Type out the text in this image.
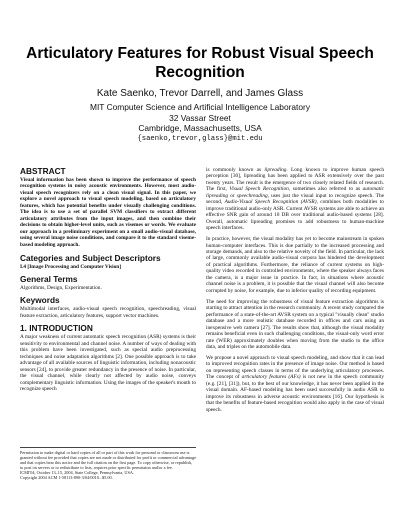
Articulatory Features for Robust Visual Speech
Recognition
Kate Saenko, Trevor Darrell, and James Glass
MIT Computer Science and Artificial Intelligence Laboratory
32 Vassar Street
Cambridge, Massachusetts, USA
{saenko,trevor,glass}@mit.edu
ABSTRACT

Visual information has been shown to improve the performance of speech recognition systems in noisy acoustic environments. However, most audio-visual speech recognizers rely on a clean visual signal. In this paper, we explore a novel approach to visual speech modeling, based on articulatory features, which has potential benefits under visually challenging conditions. The idea is to use a set of parallel SVM classifiers to extract different articulatory attributes from the input images, and then combine their decisions to obtain higher-level units, such as visemes or words. We evaluate our approach in a preliminary experiment on a small audio-visual database, using several image noise conditions, and compare it to the standard viseme-based modeling approach.

Categories and Subject Descriptors

I.4 [Image Processing and Computer Vision]

General Terms

Algorithms, Design, Experimentation.

Keywords

Multimodal interfaces, audio-visual speech recognition, speechreading, visual feature extraction, articulatory features, support vector machines.

1. INTRODUCTION

A major weakness of current automatic speech recognition (ASR) systems is their sensitivity to environmental and channel noise. A number of ways of dealing with this problem have been investigated, such as special audio preprocessing techniques and noise adaptation algorithms [2]. One possible approach is to take advantage of all available sources of linguistic information, including nonacoustic sensors [24], to provide greater redundancy in the presence of noise. In particular, the visual channel, while clearly not affected by audio noise, conveys complementary linguistic information. Using the images of the speaker's mouth to recognize speech

Permission to make digital or hard copies of all or part of this work for personal or classroom use is granted without fee provided that copies are not made or distributed for profit or commercial advantage and that copies bear this notice and the full citation on the first page. To copy otherwise, or republish, to post on servers or to redistribute to lists, requires prior specific permission and/or a fee.

ICMI'04, October 13–15, 2004, State College, Pennsylvania, USA.

Copyright 2004 ACM 1-58113-890-3/04/0010...$5.00.

is commonly known as lipreading. Long known to improve human speech perception [30], lipreading has been applied to ASR extensively over the past twenty years. The result is the emergence of two closely related fields of research. The first, Visual Speech Recognition, sometimes also referred to as automatic lipreading or speechreading, uses just the visual input to recognize speech. The second, Audio-Visual Speech Recognition (AVSR), combines both modalities to improve traditional audio-only ASR. Current AVSR systems are able to achieve an effective SNR gain of around 10 DB over traditional audio-based systems [28]. Overall, automatic lipreading promises to add robustness to human-machine speech interfaces.

In practice, however, the visual modality has yet to become mainstream in spoken human-computer interfaces. This is due partially to the increased processing and storage demands, and also to the relative novelty of the field. In particular, the lack of large, commonly available audio-visual corpora has hindered the development of practical algorithms. Furthermore, the reliance of current systems on high-quality video recorded in controlled environments, where the speaker always faces the camera, is a major issue in practice. In fact, in situations where acoustic channel noise is a problem, it is possible that the visual channel will also become corrupted by noise, for example, due to inferior quality of recording equipment.

The need for improving the robustness of visual feature extraction algorithms is starting to attract attention in the research community. A recent study compared the performance of a state-of-the-art AVSR system on a typical "visually clean" studio database and a more realistic database recorded in offices and cars using an inexpensive web camera [27]. The results show that, although the visual modality remains beneficial even in such challenging conditions, the visual-only word error rate (WER) approximately doubles when moving from the studio to the office data, and triples on the automobile data.

We propose a novel approach to visual speech modeling, and show that it can lead to improved recognition rates in the presence of image noise. Our method is based on representing speech classes in terms of the underlying articulatory processes. The concept of articulatory features (AFs) is not new in the speech community (e.g. [21], [31]), but, to the best of our knowledge, it has never been applied in the visual domain. AF-based modeling has been used successfully in audio ASR to improve its robustness in adverse acoustic environments [16]. Our hypothesis is that the benefits of feature-based recognition would also apply in the case of visual speech.
